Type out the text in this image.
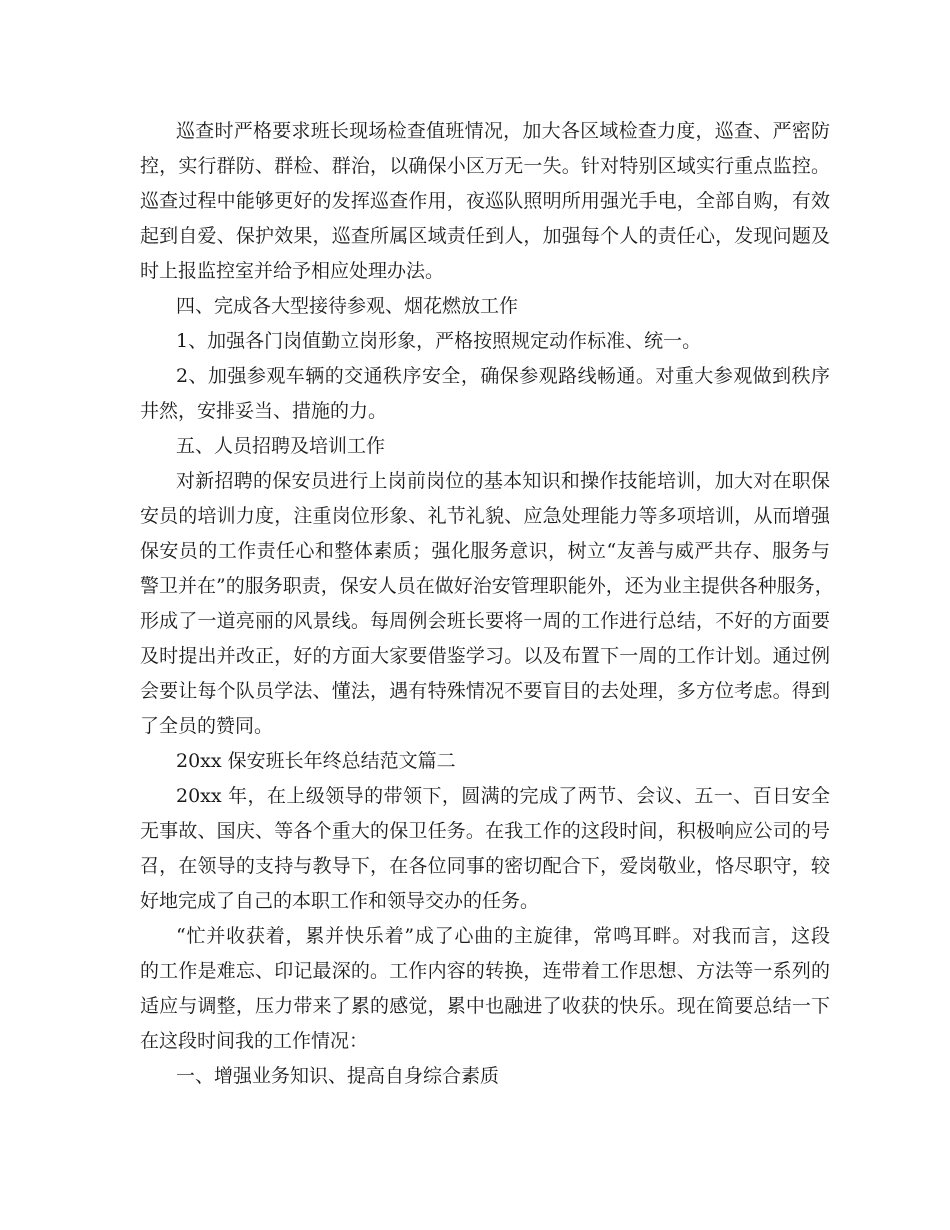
巡查时严格要求班长现场检查值班情况，加大各区域检查力度，巡查、严密防
控，实行群防、群检、群治，以确保小区万无一失。针对特别区域实行重点监控。
巡查过程中能够更好的发挥巡查作用，夜巡队照明所用强光手电，全部自购，有效
起到自爱、保护效果，巡查所属区域责任到人，加强每个人的责任心，发现问题及
时上报监控室并给予相应处理办法。
四、完成各大型接待参观、烟花燃放工作
1、加强各门岗值勤立岗形象，严格按照规定动作标准、统一。
2、加强参观车辆的交通秩序安全，确保参观路线畅通。对重大参观做到秩序
井然，安排妥当、措施的力。
五、人员招聘及培训工作
对新招聘的保安员进行上岗前岗位的基本知识和操作技能培训，加大对在职保
安员的培训力度，注重岗位形象、礼节礼貌、应急处理能力等多项培训，从而增强
保安员的工作责任心和整体素质；强化服务意识，树立“友善与威严共存、服务与
警卫并在”的服务职责，保安人员在做好治安管理职能外，还为业主提供各种服务，
形成了一道亮丽的风景线。每周例会班长要将一周的工作进行总结，不好的方面要
及时提出并改正，好的方面大家要借鉴学习。以及布置下一周的工作计划。通过例
会要让每个队员学法、懂法，遇有特殊情况不要盲目的去处理，多方位考虑。得到
了全员的赞同。
20xx 保安班长年终总结范文篇二
20xx 年，在上级领导的带领下，圆满的完成了两节、会议、五一、百日安全
无事故、国庆、等各个重大的保卫任务。在我工作的这段时间，积极响应公司的号
召，在领导的支持与教导下，在各位同事的密切配合下，爱岗敬业，恪尽职守，较
好地完成了自己的本职工作和领导交办的任务。
“忙并收获着，累并快乐着”成了心曲的主旋律，常鸣耳畔。对我而言，这段
的工作是难忘、印记最深的。工作内容的转换，连带着工作思想、方法等一系列的
适应与调整，压力带来了累的感觉，累中也融进了收获的快乐。现在简要总结一下
在这段时间我的工作情况：
一、增强业务知识、提高自身综合素质
